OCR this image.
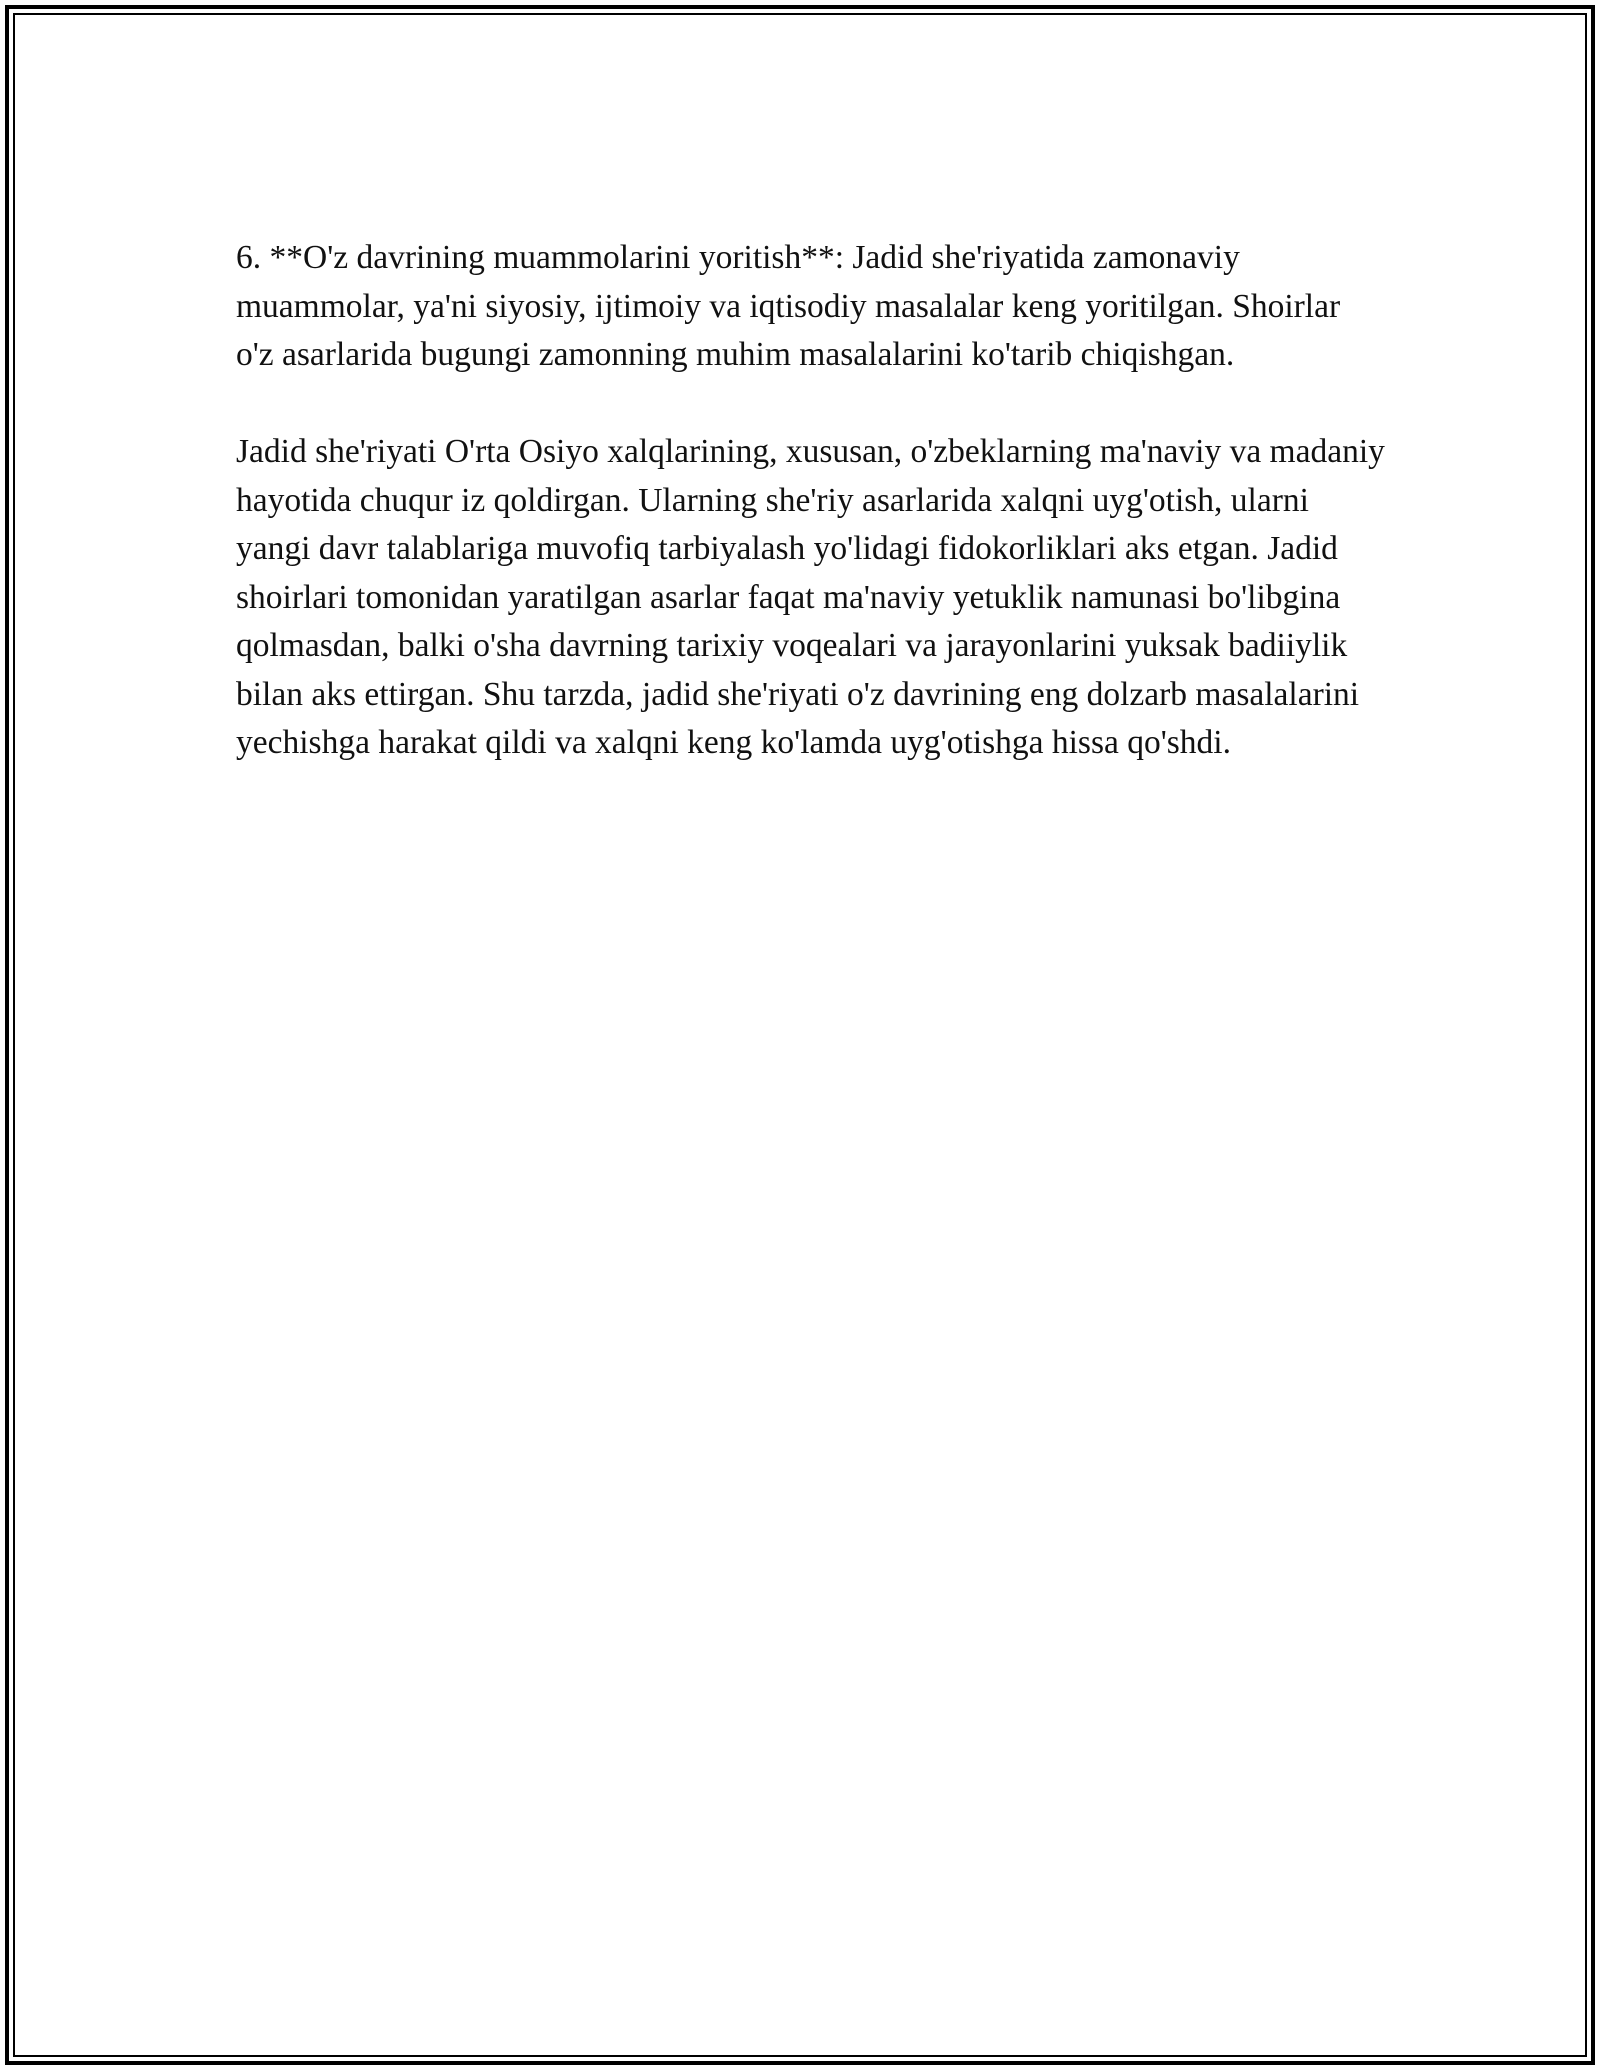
6. **O'z davrining muammolarini yoritish**: Jadid she'riyatida zamonaviy muammolar, ya'ni siyosiy, ijtimoiy va iqtisodiy masalalar keng yoritilgan. Shoirlar o'z asarlarida bugungi zamonning muhim masalalarini ko'tarib chiqishgan.

Jadid she'riyati O'rta Osiyo xalqlarining, xususan, o'zbeklarning ma'naviy va madaniy hayotida chuqur iz qoldirgan. Ularning she'riy asarlarida xalqni uyg'otish, ularni yangi davr talablariga muvofiq tarbiyalash yo'lidagi fidokorliklari aks etgan. Jadid shoirlari tomonidan yaratilgan asarlar faqat ma'naviy yetuklik namunasi bo'libgina qolmasdan, balki o'sha davrning tarixiy voqealari va jarayonlarini yuksak badiiylik bilan aks ettirgan. Shu tarzda, jadid she'riyati o'z davrining eng dolzarb masalalarini yechishga harakat qildi va xalqni keng ko'lamda uyg'otishga hissa qo'shdi.
